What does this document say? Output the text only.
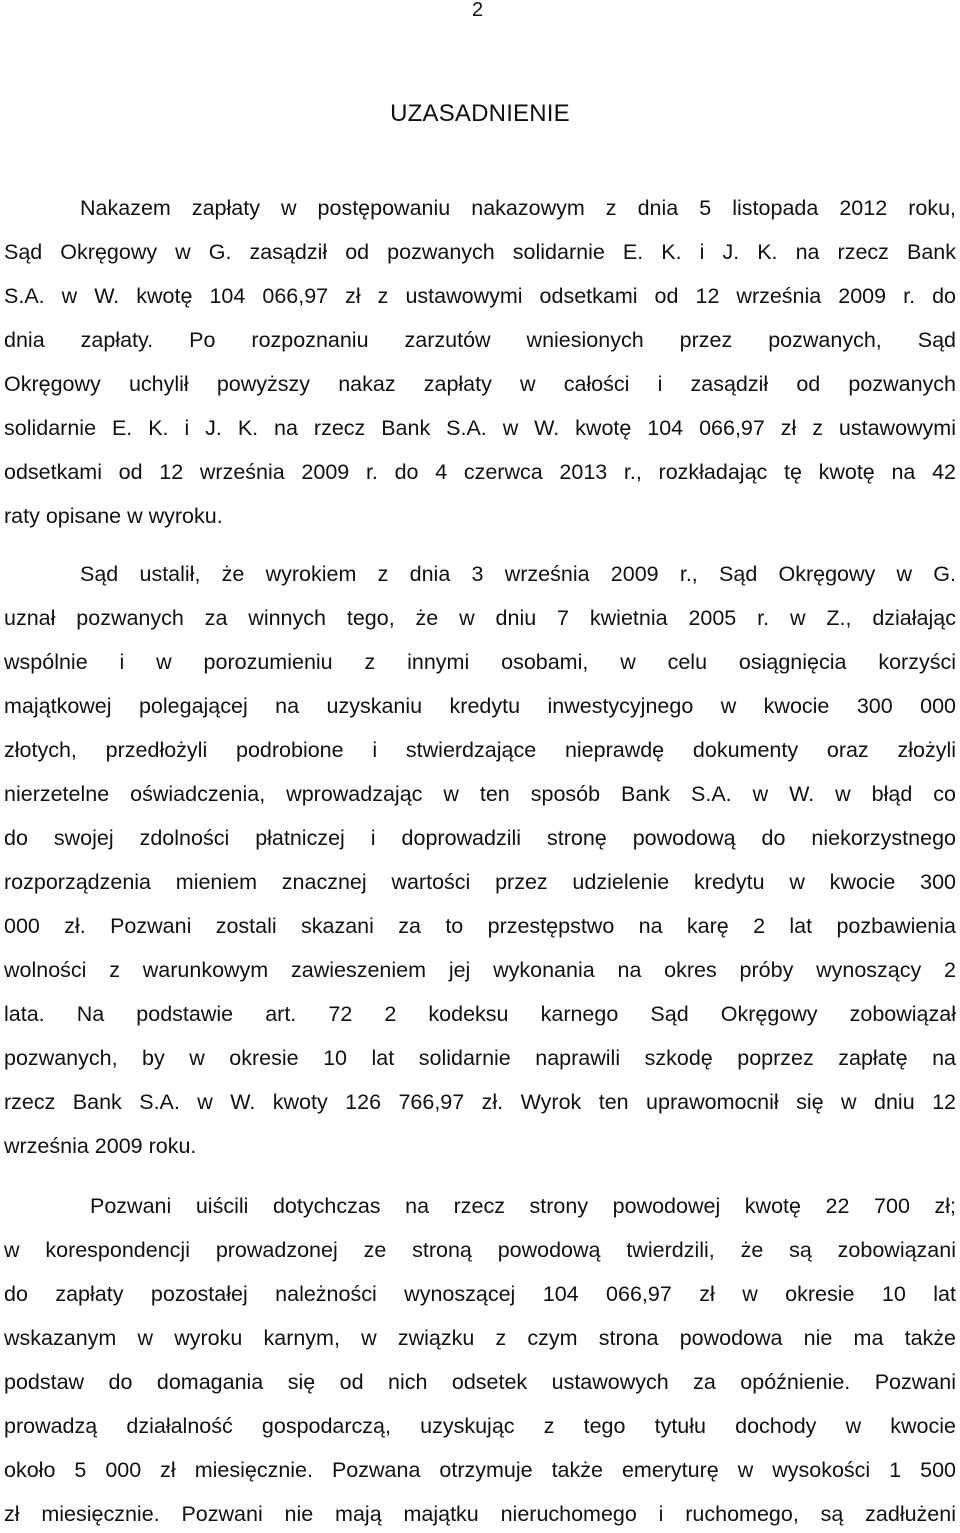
2
UZASADNIENIE
Nakazem zapłaty w postępowaniu nakazowym z dnia 5 listopada 2012 roku,
Sąd Okręgowy w G. zasądził od pozwanych solidarnie E. K. i J. K. na rzecz Bank
S.A. w W. kwotę 104 066,97 zł z ustawowymi odsetkami od 12 września 2009 r. do
dnia zapłaty. Po rozpoznaniu zarzutów wniesionych przez pozwanych, Sąd
Okręgowy uchylił powyższy nakaz zapłaty w całości i zasądził od pozwanych
solidarnie E. K. i J. K. na rzecz Bank S.A. w W. kwotę 104 066,97 zł z ustawowymi
odsetkami od 12 września 2009 r. do 4 czerwca 2013 r., rozkładając tę kwotę na 42
raty opisane w wyroku.
Sąd ustalił, że wyrokiem z dnia 3 września 2009 r., Sąd Okręgowy w G.
uznał pozwanych za winnych tego, że w dniu 7 kwietnia 2005 r. w Z., działając
wspólnie i w porozumieniu z innymi osobami, w celu osiągnięcia korzyści
majątkowej polegającej na uzyskaniu kredytu inwestycyjnego w kwocie 300 000
złotych, przedłożyli podrobione i stwierdzające nieprawdę dokumenty oraz złożyli
nierzetelne oświadczenia, wprowadzając w ten sposób Bank S.A. w W. w błąd co
do swojej zdolności płatniczej i doprowadzili stronę powodową do niekorzystnego
rozporządzenia mieniem znacznej wartości przez udzielenie kredytu w kwocie 300
000 zł. Pozwani zostali skazani za to przestępstwo na karę 2 lat pozbawienia
wolności z warunkowym zawieszeniem jej wykonania na okres próby wynoszący 2
lata. Na podstawie art. 72 2 kodeksu karnego Sąd Okręgowy zobowiązał
pozwanych, by w okresie 10 lat solidarnie naprawili szkodę poprzez zapłatę na
rzecz Bank S.A. w W. kwoty 126 766,97 zł. Wyrok ten uprawomocnił się w dniu 12
września 2009 roku.
Pozwani uiścili dotychczas na rzecz strony powodowej kwotę 22 700 zł;
w korespondencji prowadzonej ze stroną powodową twierdzili, że są zobowiązani
do zapłaty pozostałej należności wynoszącej 104 066,97 zł w okresie 10 lat
wskazanym w wyroku karnym, w związku z czym strona powodowa nie ma także
podstaw do domagania się od nich odsetek ustawowych za opóźnienie. Pozwani
prowadzą działalność gospodarczą, uzyskując z tego tytułu dochody w kwocie
około 5 000 zł miesięcznie. Pozwana otrzymuje także emeryturę w wysokości 1 500
zł miesięcznie. Pozwani nie mają majątku nieruchomego i ruchomego, są zadłużeni
